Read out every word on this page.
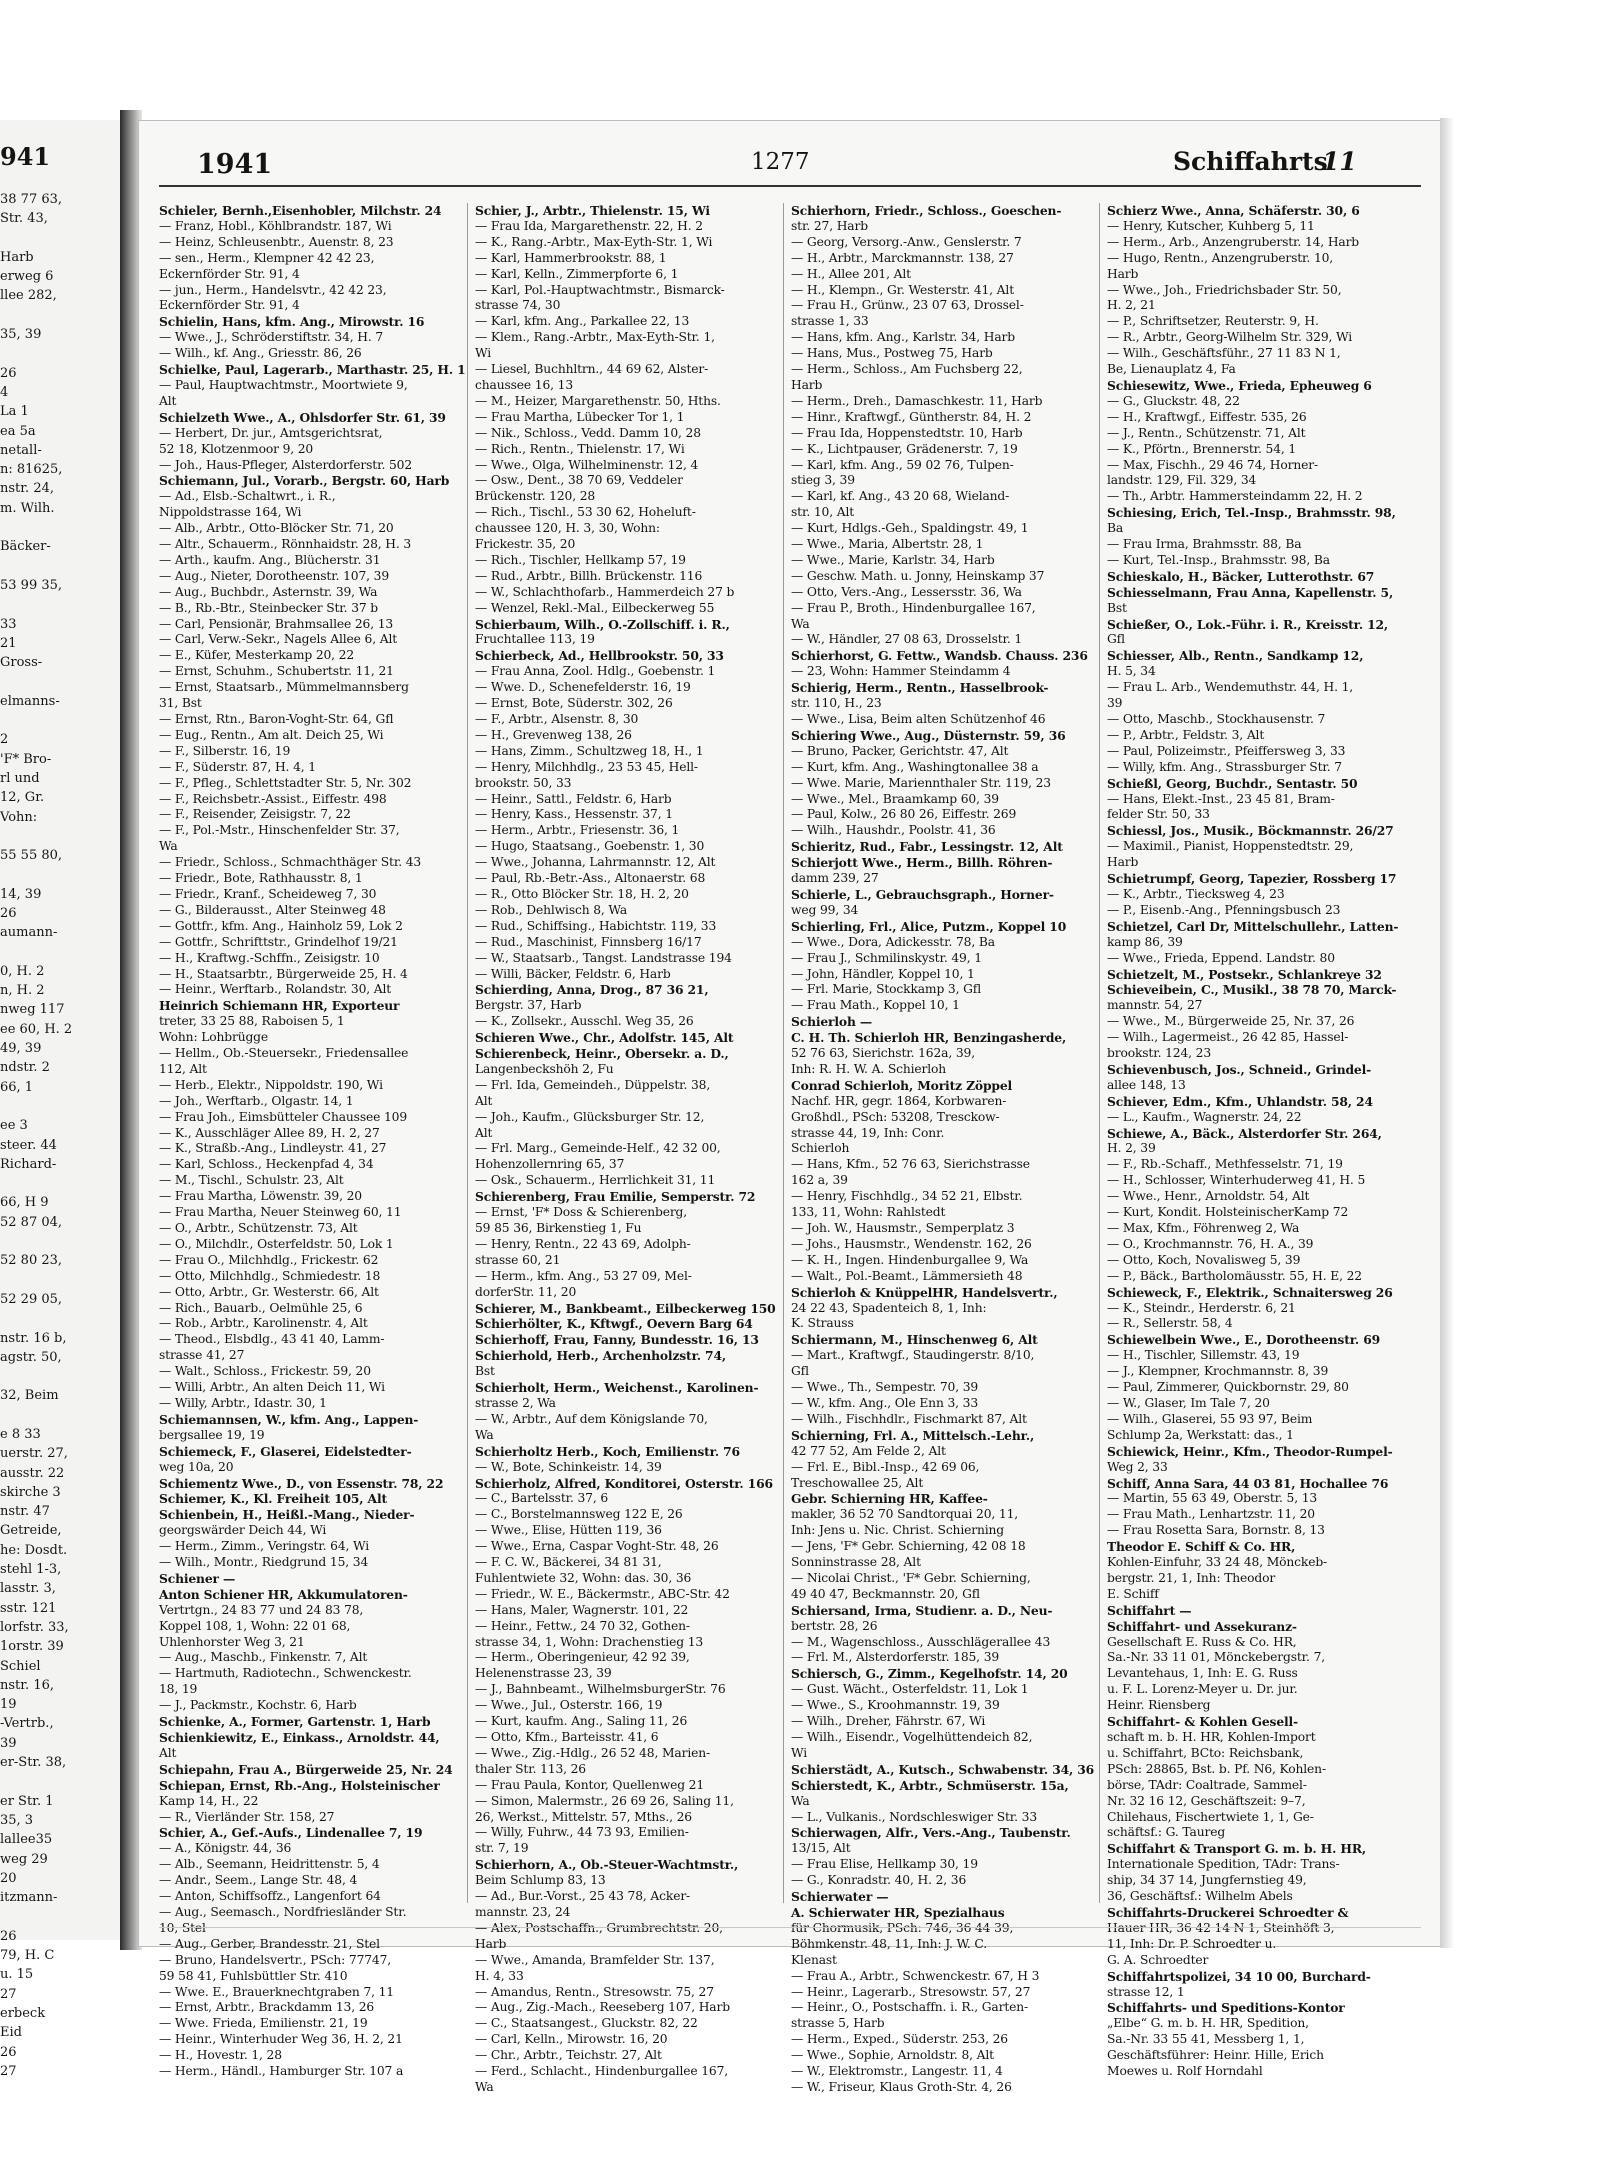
941
38 77 63,
Str. 43,
Harb
erweg 6
llee 282,
35, 39
26
4
La 1
ea 5a
netall-
n: 81625,
nstr. 24,
m. Wilh.
Bäcker-
53 99 35,
33
21
Gross-
elmanns-
2
'F* Bro-
rl und
12, Gr.
Vohn:
55 55 80,
14, 39
26
aumann-
0, H. 2
n, H. 2
nweg 117
ee 60, H. 2
49, 39
ndstr. 2
66, 1
ee 3
steer. 44
Richard-
66, H 9
52 87 04,
52 80 23,
52 29 05,
nstr. 16 b,
agstr. 50,
32, Beim
e 8 33
uerstr. 27,
ausstr. 22
skirche 3
nstr. 47
Getreide,
he: Dosdt.
stehl 1-3,
lasstr. 3,
sstr. 121
lorfstr. 33,
1orstr. 39
Schiel
nstr. 16,
19
-Vertrb.,
39
er-Str. 38,
er Str. 1
35, 3
lallee35
weg 29
20
itzmann-
26
79, H. C
u. 15
27
erbeck
Eid
26
27
1941	1277	Schiffahrts
11
Schieler, Bernh.,Eisenhobler, Milchstr. 24
— Franz, Hobl., Köhlbrandstr. 187, Wi
— Heinz, Schleusenbtr., Auenstr. 8, 23
— sen., Herm., Klempner 42 42 23,
Eckernförder Str. 91, 4
— jun., Herm., Handelsvtr., 42 42 23,
Eckernförder Str. 91, 4
Schielin, Hans, kfm. Ang., Mirowstr. 16
— Wwe., J., Schröderstiftstr. 34, H. 7
— Wilh., kf. Ang., Griesstr. 86, 26
Schielke, Paul, Lagerarb., Marthastr. 25, H. 1
— Paul, Hauptwachtmstr., Moortwiete 9,
Alt
Schielzeth Wwe., A., Ohlsdorfer Str. 61, 39
— Herbert, Dr. jur., Amtsgerichtsrat,
52 18, Klotzenmoor 9, 20
— Joh., Haus-Pfleger, Alsterdorferstr. 502
Schiemann, Jul., Vorarb., Bergstr. 60, Harb
— Ad., Elsb.-Schaltwrt., i. R.,
Nippoldstrasse 164, Wi
— Alb., Arbtr., Otto-Blöcker Str. 71, 20
— Altr., Schauerm., Rönnhaidstr. 28, H. 3
— Arth., kaufm. Ang., Blücherstr. 31
— Aug., Nieter, Dorotheenstr. 107, 39
— Aug., Buchbdr., Asternstr. 39, Wa
— B., Rb.-Btr., Steinbecker Str. 37 b
— Carl, Pensionär, Brahmsallee 26, 13
— Carl, Verw.-Sekr., Nagels Allee 6, Alt
— E., Küfer, Mesterkamp 20, 22
— Ernst, Schuhm., Schubertstr. 11, 21
— Ernst, Staatsarb., Mümmelmannsberg
31, Bst
— Ernst, Rtn., Baron-Voght-Str. 64, Gfl
— Eug., Rentn., Am alt. Deich 25, Wi
— F., Silberstr. 16, 19
— F., Süderstr. 87, H. 4, 1
— F., Pfleg., Schlettstadter Str. 5, Nr. 302
— F., Reichsbetr.-Assist., Eiffestr. 498
— F., Reisender, Zeisigstr. 7, 22
— F., Pol.-Mstr., Hinschenfelder Str. 37,
Wa
— Friedr., Schloss., Schmachthäger Str. 43
— Friedr., Bote, Rathhausstr. 8, 1
— Friedr., Kranf., Scheideweg 7, 30
— G., Bilderausst., Alter Steinweg 48
— Gottfr., kfm. Ang., Hainholz 59, Lok 2
— Gottfr., Schrifttstr., Grindelhof 19/21
— H., Kraftwg.-Schffn., Zeisigstr. 10
— H., Staatsarbtr., Bürgerweide 25, H. 4
— Heinr., Werftarb., Rolandstr. 30, Alt
Heinrich Schiemann HR, Exporteur
treter, 33 25 88, Raboisen 5, 1
Wohn: Lohbrügge
— Hellm., Ob.-Steuersekr., Friedensallee
112, Alt
— Herb., Elektr., Nippoldstr. 190, Wi
— Joh., Werftarb., Olgastr. 14, 1
— Frau Joh., Eimsbütteler Chaussee 109
— K., Ausschläger Allee 89, H. 2, 27
— K., Straßb.-Ang., Lindleystr. 41, 27
— Karl, Schloss., Heckenpfad 4, 34
— M., Tischl., Schulstr. 23, Alt
— Frau Martha, Löwenstr. 39, 20
— Frau Martha, Neuer Steinweg 60, 11
— O., Arbtr., Schützenstr. 73, Alt
— O., Milchdlr., Osterfeldstr. 50, Lok 1
— Frau O., Milchhdlg., Frickestr. 62
— Otto, Milchhdlg., Schmiedestr. 18
— Otto, Arbtr., Gr. Westerstr. 66, Alt
— Rich., Bauarb., Oelmühle 25, 6
— Rob., Arbtr., Karolinenstr. 4, Alt
— Theod., Elsbdlg., 43 41 40, Lamm-
strasse 41, 27
— Walt., Schloss., Frickestr. 59, 20
— Willi, Arbtr., An alten Deich 11, Wi
— Willy, Arbtr., Idastr. 30, 1
Schiemannsen, W., kfm. Ang., Lappen-
bergsallee 19, 19
Schiemeck, F., Glaserei, Eidelstedter-
weg 10a, 20
Schiementz Wwe., D., von Essenstr. 78, 22
Schiemer, K., Kl. Freiheit 105, Alt
Schienbein, H., Heißl.-Mang., Nieder-
georgswärder Deich 44, Wi
— Herm., Zimm., Veringstr. 64, Wi
— Wilh., Montr., Riedgrund 15, 34
Schiener —
Anton Schiener HR, Akkumulatoren-
Vertrtgn., 24 83 77 und 24 83 78,
Koppel 108, 1, Wohn: 22 01 68,
Uhlenhorster Weg 3, 21
— Aug., Maschb., Finkenstr. 7, Alt
— Hartmuth, Radiotechn., Schwenckestr.
18, 19
— J., Packmstr., Kochstr. 6, Harb
Schienke, A., Former, Gartenstr. 1, Harb
Schienkiewitz, E., Einkass., Arnoldstr. 44,
Alt
Schiepahn, Frau A., Bürgerweide 25, Nr. 24
Schiepan, Ernst, Rb.-Ang., Holsteinischer
Kamp 14, H., 22
— R., Vierländer Str. 158, 27
Schier, A., Gef.-Aufs., Lindenallee 7, 19
— A., Königstr. 44, 36
— Alb., Seemann, Heidrittenstr. 5, 4
— Andr., Seem., Lange Str. 48, 4
— Anton, Schiffsoffz., Langenfort 64
— Aug., Seemasch., Nordfriesländer Str.
— Aug., Gerber, Brandesstr. 21, Stel
— Bruno, Handelsvertr., PSch: 77747,
59 58 41, Fuhlsbüttler Str. 410
— Wwe. E., Brauerknechtgraben 7, 11
— Ernst, Arbtr., Brackdamm 13, 26
— Wwe. Frieda, Emilienstr. 21, 19
— Heinr., Winterhuder Weg 36, H. 2, 21
— H., Hovestr. 1, 28
— Herm., Händl., Hamburger Str. 107 a
Schier, J., Arbtr., Thielenstr. 15, Wi
— Frau Ida, Margarethenstr. 22, H. 2
— K., Rang.-Arbtr., Max-Eyth-Str. 1, Wi
— Karl, Hammerbrookstr. 88, 1
— Karl, Kelln., Zimmerpforte 6, 1
— Karl, Pol.-Hauptwachtmstr., Bismarck-
strasse 74, 30
— Karl, kfm. Ang., Parkallee 22, 13
— Klem., Rang.-Arbtr., Max-Eyth-Str. 1,
Wi
— Liesel, Buchhltrn., 44 69 62, Alster-
chaussee 16, 13
— M., Heizer, Margarethenstr. 50, Hths.
— Frau Martha, Lübecker Tor 1, 1
— Nik., Schloss., Vedd. Damm 10, 28
— Rich., Rentn., Thielenstr. 17, Wi
— Wwe., Olga, Wilhelminenstr. 12, 4
— Osw., Dent., 38 70 69, Veddeler
Brückenstr. 120, 28
— Rich., Tischl., 53 30 62, Hoheluft-
chaussee 120, H. 3, 30, Wohn:
Frickestr. 35, 20
— Rich., Tischler, Hellkamp 57, 19
— Rud., Arbtr., Billh. Brückenstr. 116
— W., Schlachthofarb., Hammerdeich 27 b
— Wenzel, Rekl.-Mal., Eilbeckerweg 55
Schierbaum, Wilh., O.-Zollschiff. i. R.,
Fruchtallee 113, 19
Schierbeck, Ad., Hellbrookstr. 50, 33
— Frau Anna, Zool. Hdlg., Goebenstr. 1
— Wwe. D., Schenefelderstr. 16, 19
— Ernst, Bote, Süderstr. 302, 26
— F., Arbtr., Alsenstr. 8, 30
— H., Grevenweg 138, 26
— Hans, Zimm., Schultzweg 18, H., 1
— Henry, Milchhdlg., 23 53 45, Hell-
brookstr. 50, 33
— Heinr., Sattl., Feldstr. 6, Harb
— Henry, Kass., Hessenstr. 37, 1
— Herm., Arbtr., Friesenstr. 36, 1
— Hugo, Staatsang., Goebenstr. 1, 30
— Wwe., Johanna, Lahrmannstr. 12, Alt
— Paul, Rb.-Betr.-Ass., Altonaerstr. 68
— R., Otto Blöcker Str. 18, H. 2, 20
— Rob., Dehlwisch 8, Wa
— Rud., Schiffsing., Habichtstr. 119, 33
— Rud., Maschinist, Finnsberg 16/17
— W., Staatsarb., Tangst. Landstrasse 194
— Willi, Bäcker, Feldstr. 6, Harb
Schierding, Anna, Drog., 87 36 21,
Bergstr. 37, Harb
— K., Zollsekr., Ausschl. Weg 35, 26
Schieren Wwe., Chr., Adolfstr. 145, Alt
Schierenbeck, Heinr., Obersekr. a. D.,
Langenbeckshöh 2, Fu
— Frl. Ida, Gemeindeh., Düppelstr. 38,
Alt
— Joh., Kaufm., Glücksburger Str. 12,
Alt
— Frl. Marg., Gemeinde-Helf., 42 32 00,
Hohenzollernring 65, 37
— Osk., Schauerm., Herrlichkeit 31, 11
Schierenberg, Frau Emilie, Semperstr. 72
— Ernst, 'F* Doss & Schierenberg,
59 85 36, Birkenstieg 1, Fu
— Henry, Rentn., 22 43 69, Adolph-
strasse 60, 21
— Herm., kfm. Ang., 53 27 09, Mel-
dorferStr. 11, 20
Schierer, M., Bankbeamt., Eilbeckerweg 150
Schierhölter, K., Kftwgf., Oevern Barg 64
Schierhoff, Frau, Fanny, Bundesstr. 16, 13
Schierhold, Herb., Archenholzstr. 74,
Bst
Schierholt, Herm., Weichenst., Karolinen-
strasse 2, Wa
— W., Arbtr., Auf dem Königslande 70,
Wa
Schierholtz Herb., Koch, Emilienstr. 76
— W., Bote, Schinkeistr. 14, 39
Schierholz, Alfred, Konditorei, Osterstr. 166
— C., Bartelsstr. 37, 6
— C., Borstelmannsweg 122 E, 26
— Wwe., Elise, Hütten 119, 36
— Wwe., Erna, Caspar Voght-Str. 48, 26
— F. C. W., Bäckerei, 34 81 31,
Fuhlentwiete 32, Wohn: das. 30, 36
— Friedr., W. E., Bäckermstr., ABC-Str. 42
— Hans, Maler, Wagnerstr. 101, 22
— Heinr., Fettw., 24 70 32, Gothen-
strasse 34, 1, Wohn: Drachenstieg 13
— Herm., Oberingenieur, 42 92 39,
Helenenstrasse 23, 39
— J., Bahnbeamt., WilhelmsburgerStr. 76
— Wwe., Jul., Osterstr. 166, 19
— Kurt, kaufm. Ang., Saling 11, 26
— Otto, Kfm., Barteisstr. 41, 6
— Wwe., Zig.-Hdlg., 26 52 48, Marien-
thaler Str. 113, 26
— Frau Paula, Kontor, Quellenweg 21
— Simon, Malermstr., 26 69 26, Saling 11,
26, Werkst., Mittelstr. 57, Mths., 26
— Willy, Fuhrw., 44 73 93, Emilien-
str. 7, 19
Schierhorn, A., Ob.-Steuer-Wachtmstr.,
Beim Schlump 83, 13
— Ad., Bur.-Vorst., 25 43 78, Acker-
mannstr. 23, 24
Harb
— Wwe., Amanda, Bramfelder Str. 137,
H. 4, 33
— Amandus, Rentn., Stresowstr. 75, 27
— Aug., Zig.-Mach., Reeseberg 107, Harb
— C., Staatsangest., Gluckstr. 82, 22
— Carl, Kelln., Mirowstr. 16, 20
— Chr., Arbtr., Teichstr. 27, Alt
— Ferd., Schlacht., Hindenburgallee 167,
Wa
Schierhorn, Friedr., Schloss., Goeschen-
str. 27, Harb
— Georg, Versorg.-Anw., Genslerstr. 7
— H., Arbtr., Marckmannstr. 138, 27
— H., Allee 201, Alt
— H., Klempn., Gr. Westerstr. 41, Alt
— Frau H., Grünw., 23 07 63, Drossel-
strasse 1, 33
— Hans, kfm. Ang., Karlstr. 34, Harb
— Hans, Mus., Postweg 75, Harb
— Herm., Schloss., Am Fuchsberg 22,
Harb
— Herm., Dreh., Damaschkestr. 11, Harb
— Hinr., Kraftwgf., Güntherstr. 84, H. 2
— Frau Ida, Hoppenstedtstr. 10, Harb
— K., Lichtpauser, Grädenerstr. 7, 19
— Karl, kfm. Ang., 59 02 76, Tulpen-
stieg 3, 39
— Karl, kf. Ang., 43 20 68, Wieland-
str. 10, Alt
— Kurt, Hdlgs.-Geh., Spaldingstr. 49, 1
— Wwe., Maria, Albertstr. 28, 1
— Wwe., Marie, Karlstr. 34, Harb
— Geschw. Math. u. Jonny, Heinskamp 37
— Otto, Vers.-Ang., Lessersstr. 36, Wa
— Frau P., Broth., Hindenburgallee 167,
Wa
— W., Händler, 27 08 63, Drosselstr. 1
Schierhorst, G. Fettw., Wandsb. Chauss. 236
— 23, Wohn: Hammer Steindamm 4
Schierig, Herm., Rentn., Hasselbrook-
str. 110, H., 23
— Wwe., Lisa, Beim alten Schützenhof 46
Schiering Wwe., Aug., Düsternstr. 59, 36
— Bruno, Packer, Gerichtstr. 47, Alt
— Kurt, kfm. Ang., Washingtonallee 38 a
— Wwe. Marie, Mariennthaler Str. 119, 23
— Wwe., Mel., Braamkamp 60, 39
— Paul, Kolw., 26 80 26, Eiffestr. 269
— Wilh., Haushdr., Poolstr. 41, 36
Schieritz, Rud., Fabr., Lessingstr. 12, Alt
Schierjott Wwe., Herm., Billh. Röhren-
damm 239, 27
Schierle, L., Gebrauchsgraph., Horner-
weg 99, 34
Schierling, Frl., Alice, Putzm., Koppel 10
— Wwe., Dora, Adickesstr. 78, Ba
— Frau J., Schmilinskystr. 49, 1
— John, Händler, Koppel 10, 1
— Frl. Marie, Stockkamp 3, Gfl
— Frau Math., Koppel 10, 1
Schierloh —
C. H. Th. Schierloh HR, Benzingasherde,
52 76 63, Sierichstr. 162a, 39,
Inh: R. H. W. A. Schierloh
Conrad Schierloh, Moritz Zöppel
Nachf. HR, gegr. 1864, Korbwaren-
Großhdl., PSch: 53208, Tresckow-
strasse 44, 19, Inh: Conr.
Schierloh
— Hans, Kfm., 52 76 63, Sierichstrasse
162 a, 39
— Henry, Fischhdlg., 34 52 21, Elbstr.
133, 11, Wohn: Rahlstedt
— Joh. W., Hausmstr., Semperplatz 3
— Johs., Hausmstr., Wendenstr. 162, 26
— K. H., Ingen. Hindenburgallee 9, Wa
— Walt., Pol.-Beamt., Lämmersieth 48
Schierloh & KnüppelHR, Handelsvertr.,
24 22 43, Spadenteich 8, 1, Inh:
K. Strauss
Schiermann, M., Hinschenweg 6, Alt
— Mart., Kraftwgf., Staudingerstr. 8/10,
Gfl
— Wwe., Th., Sempestr. 70, 39
— W., kfm. Ang., Ole Enn 3, 33
— Wilh., Fischhdlr., Fischmarkt 87, Alt
Schierning, Frl. A., Mittelsch.-Lehr.,
42 77 52, Am Felde 2, Alt
— Frl. E., Bibl.-Insp., 42 69 06,
Treschowallee 25, Alt
Gebr. Schierning HR, Kaffee-
makler, 36 52 70 Sandtorquai 20, 11,
Inh: Jens u. Nic. Christ. Schierning
— Jens, 'F* Gebr. Schierning, 42 08 18
Sonninstrasse 28, Alt
— Nicolai Christ., 'F* Gebr. Schierning,
49 40 47, Beckmannstr. 20, Gfl
Schiersand, Irma, Studienr. a. D., Neu-
bertstr. 28, 26
— M., Wagenschloss., Ausschlägerallee 43
— Frl. M., Alsterdorferstr. 185, 39
Schiersch, G., Zimm., Kegelhofstr. 14, 20
— Gust. Wächt., Osterfeldstr. 11, Lok 1
— Wwe., S., Kroohmannstr. 19, 39
— Wilh., Dreher, Fährstr. 67, Wi
— Wilh., Eisendr., Vogelhüttendeich 82,
Wi
Schierstädt, A., Kutsch., Schwabenstr. 34, 36
Schierstedt, K., Arbtr., Schmüserstr. 15a,
Wa
— L., Vulkanis., Nordschleswiger Str. 33
Schierwagen, Alfr., Vers.-Ang., Taubenstr.
13/15, Alt
— Frau Elise, Hellkamp 30, 19
— G., Konradstr. 40, H. 2, 36
Schierwater —
A. Schierwater HR, Spezialhaus
Böhmkenstr. 48, 11, Inh: J. W. C.
Klenast
— Frau A., Arbtr., Schwenckestr. 67, H 3
— Heinr., Lagerarb., Stresowstr. 57, 27
— Heinr., O., Postschaffn. i. R., Garten-
strasse 5, Harb
— Herm., Exped., Süderstr. 253, 26
— Wwe., Sophie, Arnoldstr. 8, Alt
— W., Elektromstr., Langestr. 11, 4
— W., Friseur, Klaus Groth-Str. 4, 26
Schierz Wwe., Anna, Schäferstr. 30, 6
— Henry, Kutscher, Kuhberg 5, 11
— Herm., Arb., Anzengruberstr. 14, Harb
— Hugo, Rentn., Anzengruberstr. 10,
Harb
— Wwe., Joh., Friedrichsbader Str. 50,
H. 2, 21
— P., Schriftsetzer, Reuterstr. 9, H.
— R., Arbtr., Georg-Wilhelm Str. 329, Wi
— Wilh., Geschäftsführ., 27 11 83 N 1,
Be, Lienauplatz 4, Fa
Schiesewitz, Wwe., Frieda, Epheuweg 6
— G., Gluckstr. 48, 22
— H., Kraftwgf., Eiffestr. 535, 26
— J., Rentn., Schützenstr. 71, Alt
— K., Pförtn., Brennerstr. 54, 1
— Max, Fischh., 29 46 74, Horner-
landstr. 129, Fil. 329, 34
— Th., Arbtr. Hammersteindamm 22, H. 2
Schiesing, Erich, Tel.-Insp., Brahmsstr. 98,
Ba
— Frau Irma, Brahmsstr. 88, Ba
— Kurt, Tel.-Insp., Brahmsstr. 98, Ba
Schieskalo, H., Bäcker, Lutterothstr. 67
Schiesselmann, Frau Anna, Kapellenstr. 5,
Bst
Schießer, O., Lok.-Führ. i. R., Kreisstr. 12,
Gfl
Schiesser, Alb., Rentn., Sandkamp 12,
H. 5, 34
— Frau L. Arb., Wendemuthstr. 44, H. 1,
39
— Otto, Maschb., Stockhausenstr. 7
— P., Arbtr., Feldstr. 3, Alt
— Paul, Polizeimstr., Pfeiffersweg 3, 33
— Willy, kfm. Ang., Strassburger Str. 7
Schießl, Georg, Buchdr., Sentastr. 50
— Hans, Elekt.-Inst., 23 45 81, Bram-
felder Str. 50, 33
Schiessl, Jos., Musik., Böckmannstr. 26/27
— Maximil., Pianist, Hoppenstedtstr. 29,
Harb
Schietrumpf, Georg, Tapezier, Rossberg 17
— K., Arbtr., Tiecksweg 4, 23
— P., Eisenb.-Ang., Pfenningsbusch 23
Schietzel, Carl Dr, Mittelschullehr., Latten-
kamp 86, 39
— Wwe., Frieda, Eppend. Landstr. 80
Schietzelt, M., Postsekr., Schlankreye 32
Schieveibein, C., Musikl., 38 78 70, Marck-
mannstr. 54, 27
— Wwe., M., Bürgerweide 25, Nr. 37, 26
— Wilh., Lagermeist., 26 42 85, Hassel-
brookstr. 124, 23
Schievenbusch, Jos., Schneid., Grindel-
allee 148, 13
Schiever, Edm., Kfm., Uhlandstr. 58, 24
— L., Kaufm., Wagnerstr. 24, 22
Schiewe, A., Bäck., Alsterdorfer Str. 264,
H. 2, 39
— F., Rb.-Schaff., Methfesselstr. 71, 19
— H., Schlosser, Winterhuderweg 41, H. 5
— Wwe., Henr., Arnoldstr. 54, Alt
— Kurt, Kondit. HolsteinischerKamp 72
— Max, Kfm., Föhrenweg 2, Wa
— O., Krochmannstr. 76, H. A., 39
— Otto, Koch, Novalisweg 5, 39
— P., Bäck., Bartholomäusstr. 55, H. E, 22
Schieweck, F., Elektrik., Schnaitersweg 26
— K., Steindr., Herderstr. 6, 21
— R., Sellerstr. 58, 4
Schiewelbein Wwe., E., Dorotheenstr. 69
— H., Tischler, Sillemstr. 43, 19
— J., Klempner, Krochmannstr. 8, 39
— Paul, Zimmerer, Quickbornstr. 29, 80
— W., Glaser, Im Tale 7, 20
— Wilh., Glaserei, 55 93 97, Beim
Schlump 2a, Werkstatt: das., 1
Schiewick, Heinr., Kfm., Theodor-Rumpel-
Weg 2, 33
Schiff, Anna Sara, 44 03 81, Hochallee 76
— Martin, 55 63 49, Oberstr. 5, 13
— Frau Math., Lenhartzstr. 11, 20
— Frau Rosetta Sara, Bornstr. 8, 13
Theodor E. Schiff & Co. HR,
Kohlen-Einfuhr, 33 24 48, Mönckeb-
bergstr. 21, 1, Inh: Theodor
E. Schiff
Schiffahrt —
Schiffahrt- und Assekuranz-
Gesellschaft E. Russ & Co. HR,
Sa.-Nr. 33 11 01, Mönckebergstr. 7,
Levantehaus, 1, Inh: E. G. Russ
u. F. L. Lorenz-Meyer u. Dr. jur.
Heinr. Riensberg
Schiffahrt- & Kohlen Gesell-
schaft m. b. H. HR, Kohlen-Import
u. Schiffahrt, BCto: Reichsbank,
PSch: 28865, Bst. b. Pf. N6, Kohlen-
börse, TAdr: Coaltrade, Sammel-
Nr. 32 16 12, Geschäftszeit: 9–7,
Chilehaus, Fischertwiete 1, 1, Ge-
schäftsf.: G. Taureg
Schiffahrt & Transport G. m. b. H. HR,
Internationale Spedition, TAdr: Trans-
ship, 34 37 14, Jungfernstieg 49,
36, Geschäftsf.: Wilhelm Abels
Schiffahrts-Druckerei Schroedter &
11, Inh: Dr. P. Schroedter u.
G. A. Schroedter
Schiffahrtspolizei, 34 10 00, Burchard-
strasse 12, 1
Schiffahrts- und Speditions-Kontor
„Elbe“ G. m. b. H. HR, Spedition,
Sa.-Nr. 33 55 41, Messberg 1, 1,
Geschäftsführer: Heinr. Hille, Erich
Moewes u. Rolf Horndahl
